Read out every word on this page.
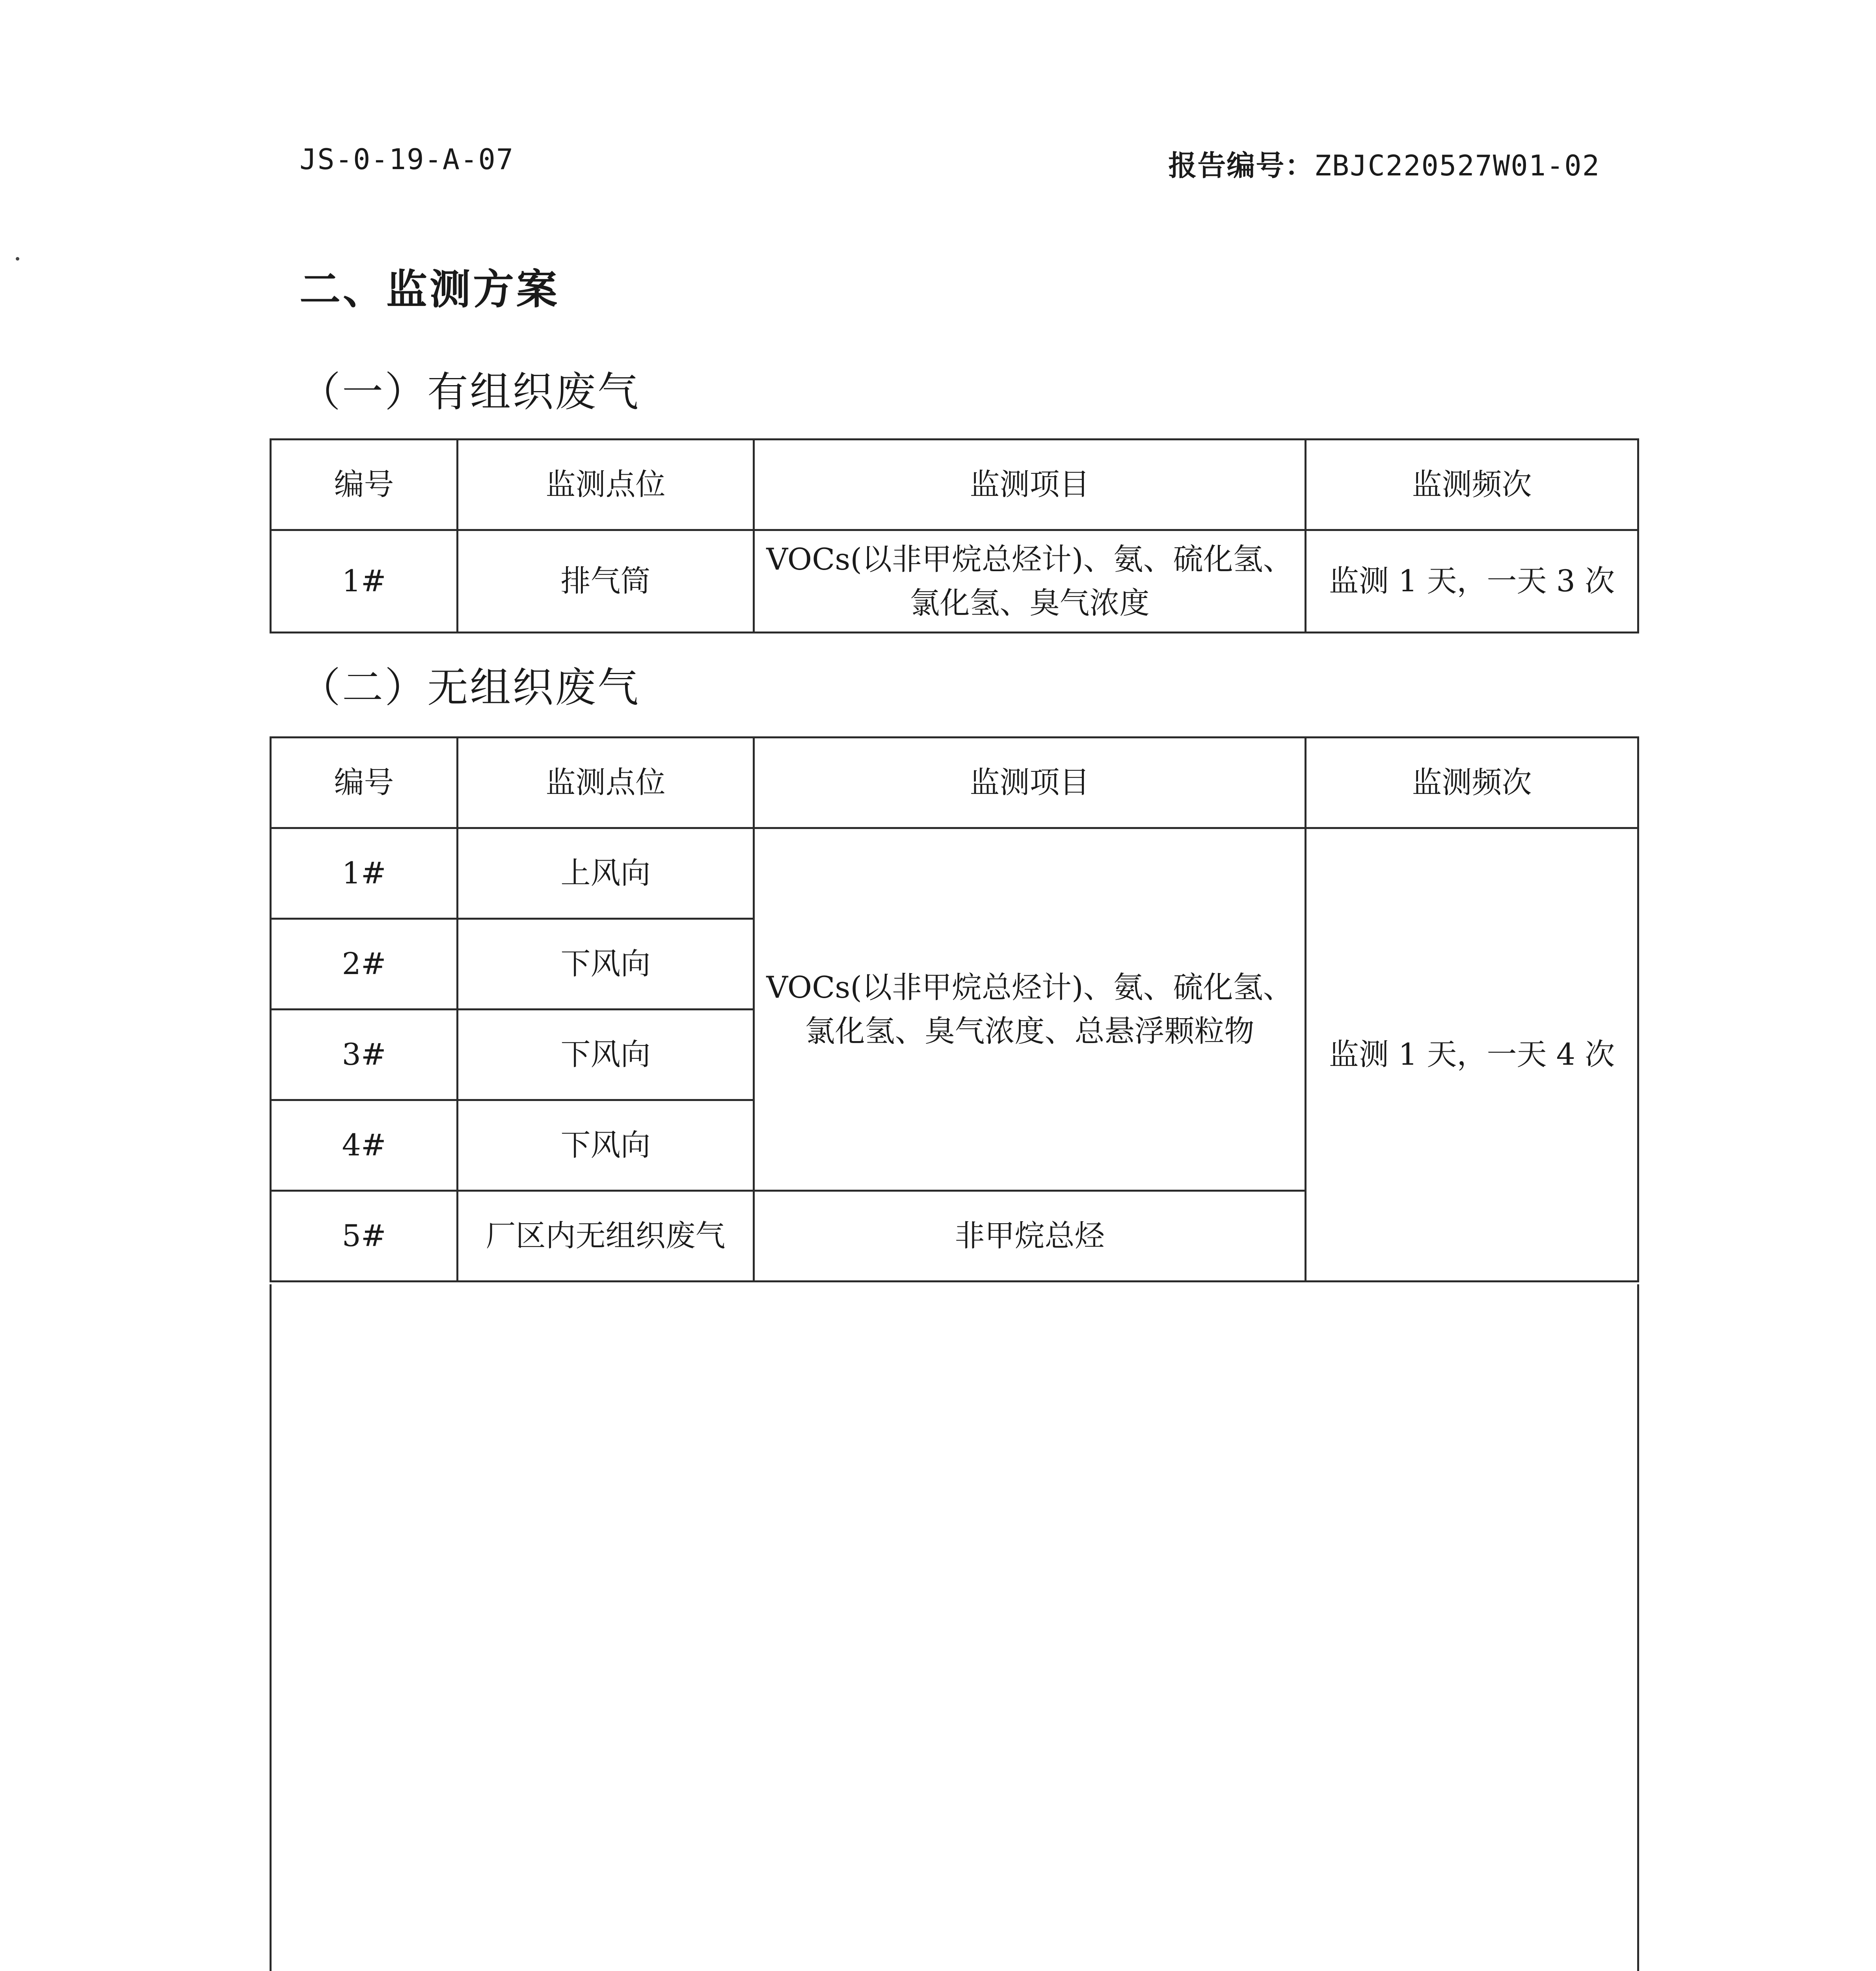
JS-0-19-A-07	报告编号：ZBJC220527W01-02
二、监测方案
（一）有组织废气
编号	监测点位	监测项目	监测频次
1#	排气筒	VOCs(以非甲烷总烃计)、氨、硫化氢、
氯化氢、臭气浓度	监测 1 天，一天 3 次
（二）无组织废气
编号	监测点位	监测项目	监测频次
1#	上风向	VOCs(以非甲烷总烃计)、氨、硫化氢、
氯化氢、臭气浓度、总悬浮颗粒物	监测 1 天，一天 4 次
2#	下风向		
3#	下风向		
4#	下风向		
5#	厂区内无组织废气	非甲烷总烃	
